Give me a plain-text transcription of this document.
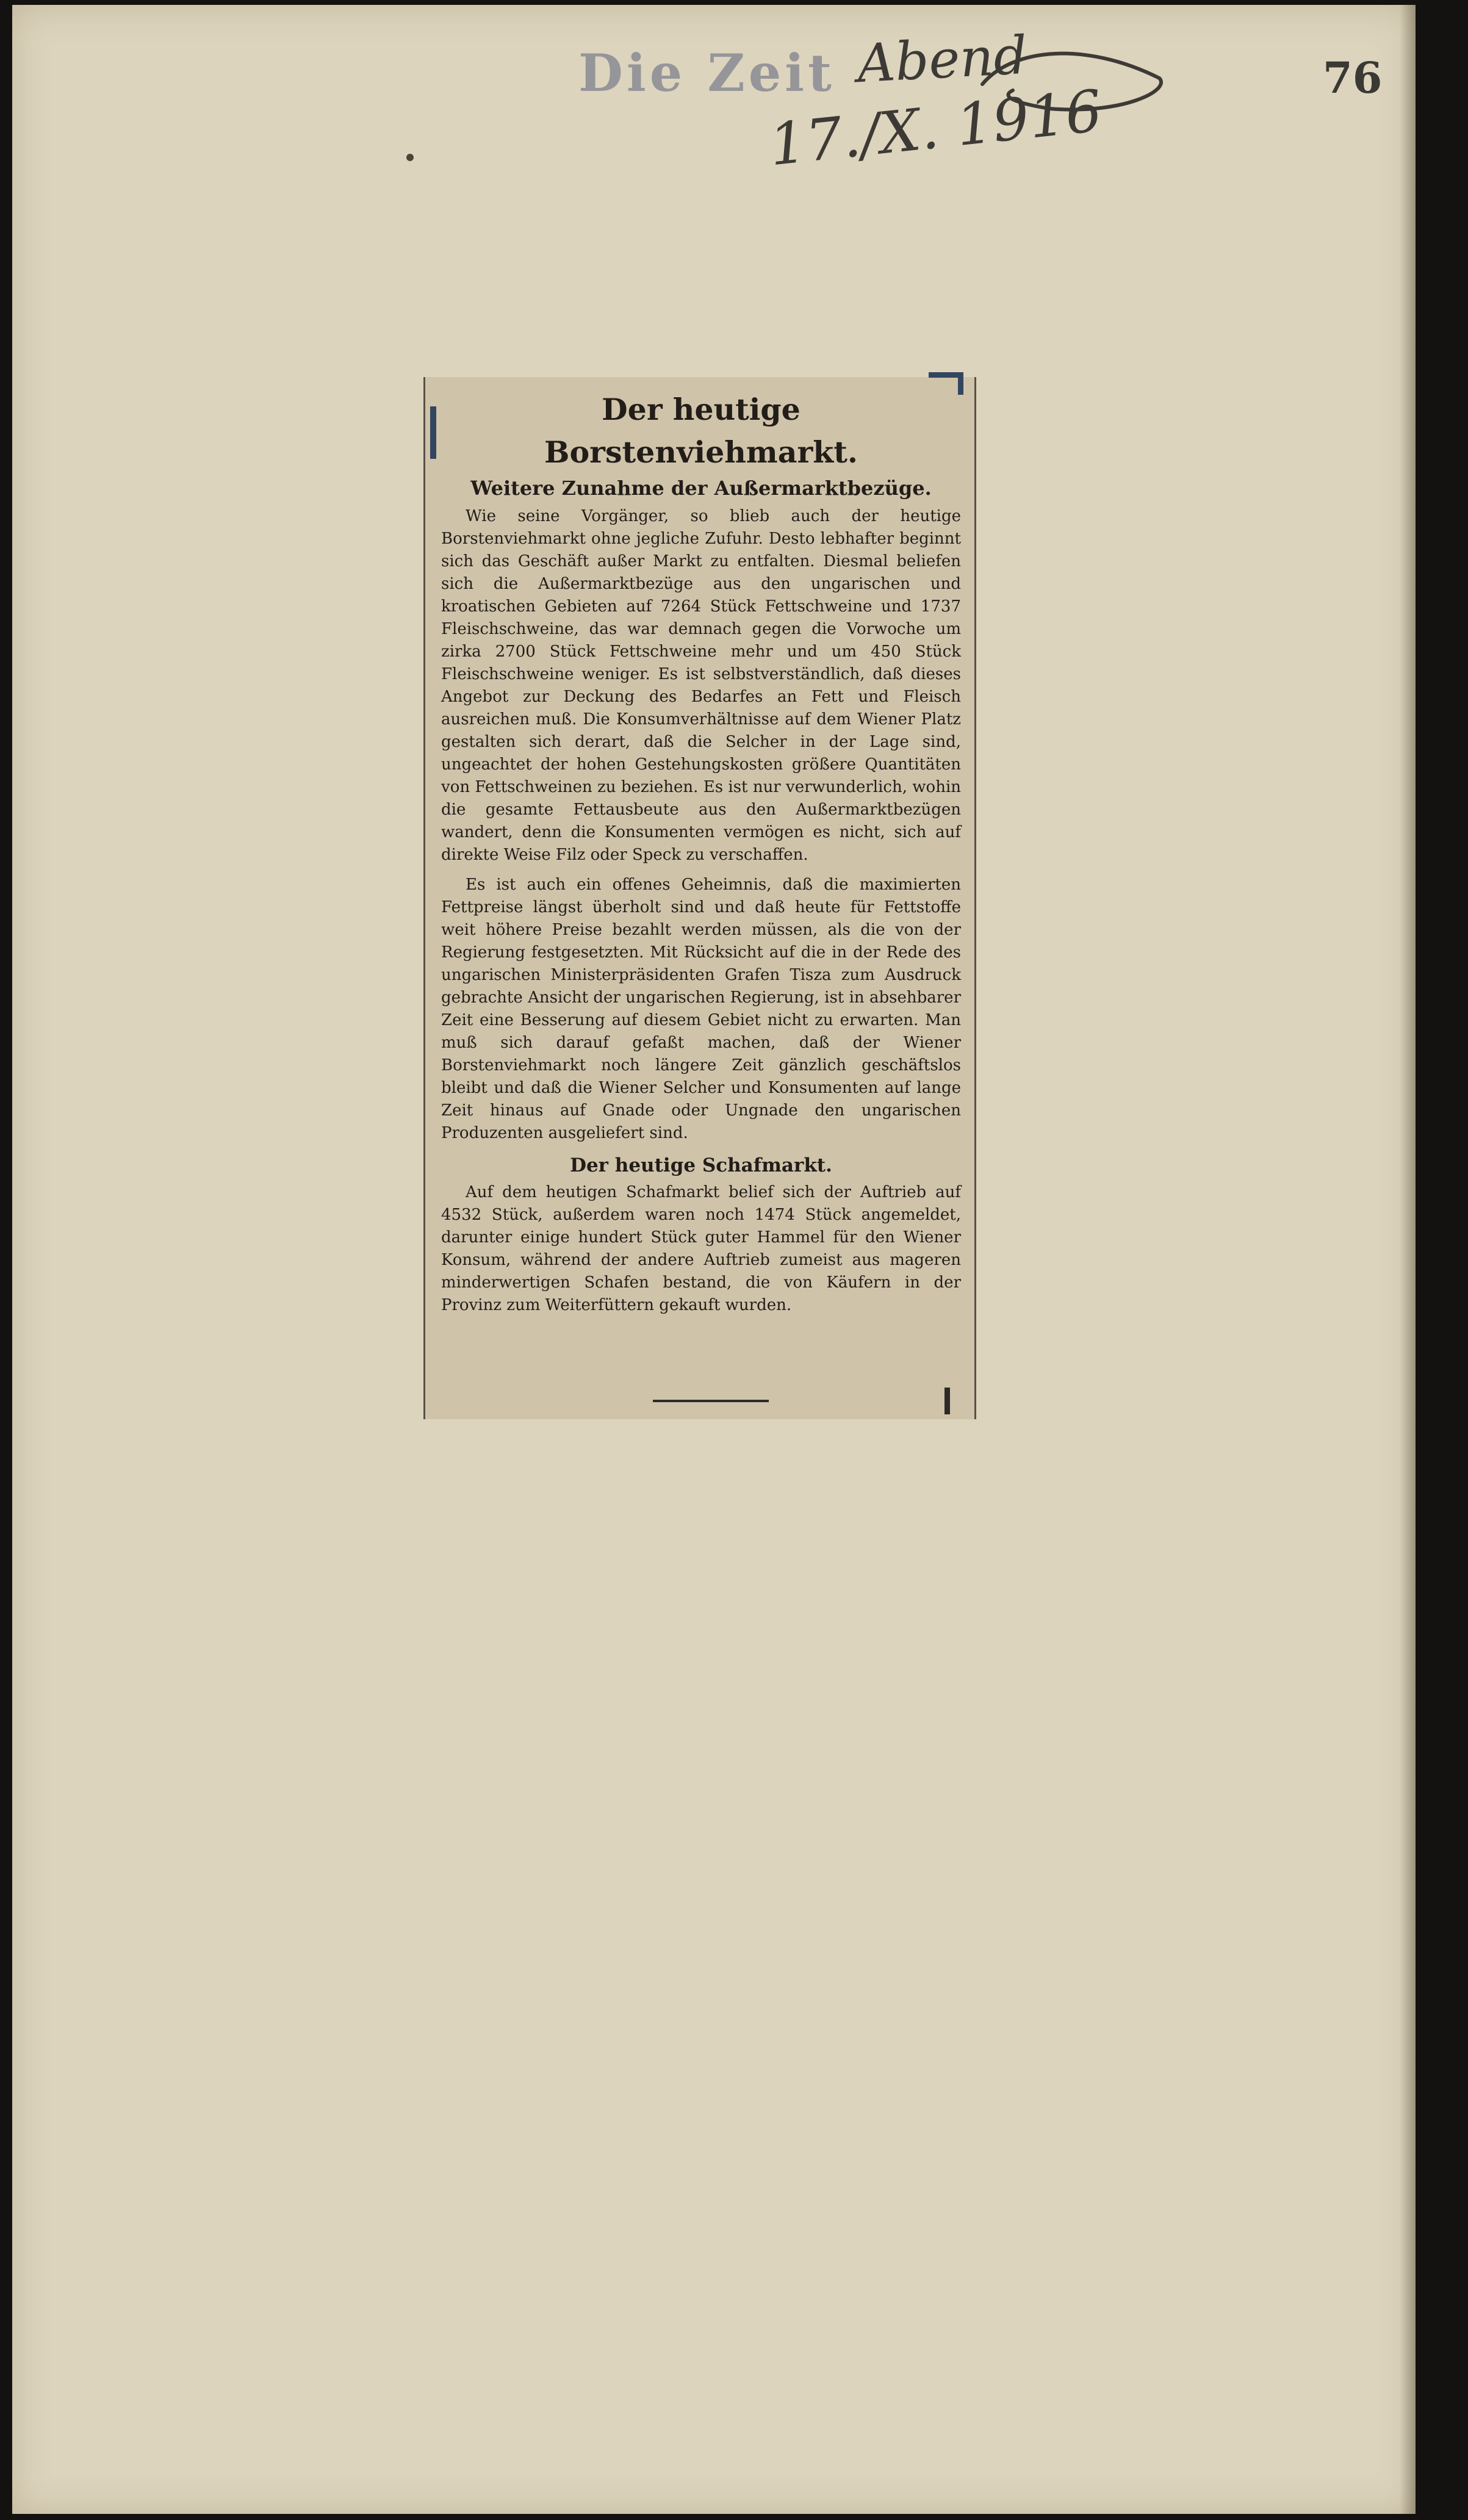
Die Zeit Abend
17./X. 1916
76
Der heutige Borstenviehmarkt.
Weitere Zunahme der Außermarktbezüge.

Wie seine Vorgänger, so blieb auch der heutige Borstenviehmarkt ohne jegliche Zufuhr. Desto lebhafter beginnt sich das Geschäft außer Markt zu entfalten. Diesmal beliefen sich die Außermarktbezüge aus den ungarischen und kroatischen Gebieten auf 7264 Stück Fettschweine und 1737 Fleischschweine, das war demnach gegen die Vorwoche um zirka 2700 Stück Fettschweine mehr und um 450 Stück Fleischschweine weniger. Es ist selbstverständlich, daß dieses Angebot zur Deckung des Bedarfes an Fett und Fleisch ausreichen muß. Die Konsumverhältnisse auf dem Wiener Platz gestalten sich derart, daß die Selcher in der Lage sind, ungeachtet der hohen Gestehungskosten größere Quantitäten von Fettschweinen zu beziehen. Es ist nur verwunderlich, wohin die gesamte Fettausbeute aus den Außermarktbezügen wandert, denn die Konsumenten vermögen es nicht, sich auf direkte Weise Filz oder Speck zu verschaffen.

Es ist auch ein offenes Geheimnis, daß die maximierten Fettpreise längst überholt sind und daß heute für Fettstoffe weit höhere Preise bezahlt werden müssen, als die von der Regierung festgesetzten. Mit Rücksicht auf die in der Rede des ungarischen Ministerpräsidenten Grafen Tisza zum Ausdruck gebrachte Ansicht der ungarischen Regierung, ist in absehbarer Zeit eine Besserung auf diesem Gebiet nicht zu erwarten. Man muß sich darauf gefaßt machen, daß der Wiener Borstenviehmarkt noch längere Zeit gänzlich geschäftslos bleibt und daß die Wiener Selcher und Konsumenten auf lange Zeit hinaus auf Gnade oder Ungnade den ungarischen Produzenten ausgeliefert sind.

Der heutige Schafmarkt.

Auf dem heutigen Schafmarkt belief sich der Auftrieb auf 4532 Stück, außerdem waren noch 1474 Stück angemeldet, darunter einige hundert Stück guter Hammel für den Wiener Konsum, während der andere Auftrieb zumeist aus mageren minderwertigen Schafen bestand, die von Käufern in der Provinz zum Weiterfüttern gekauft wurden.
